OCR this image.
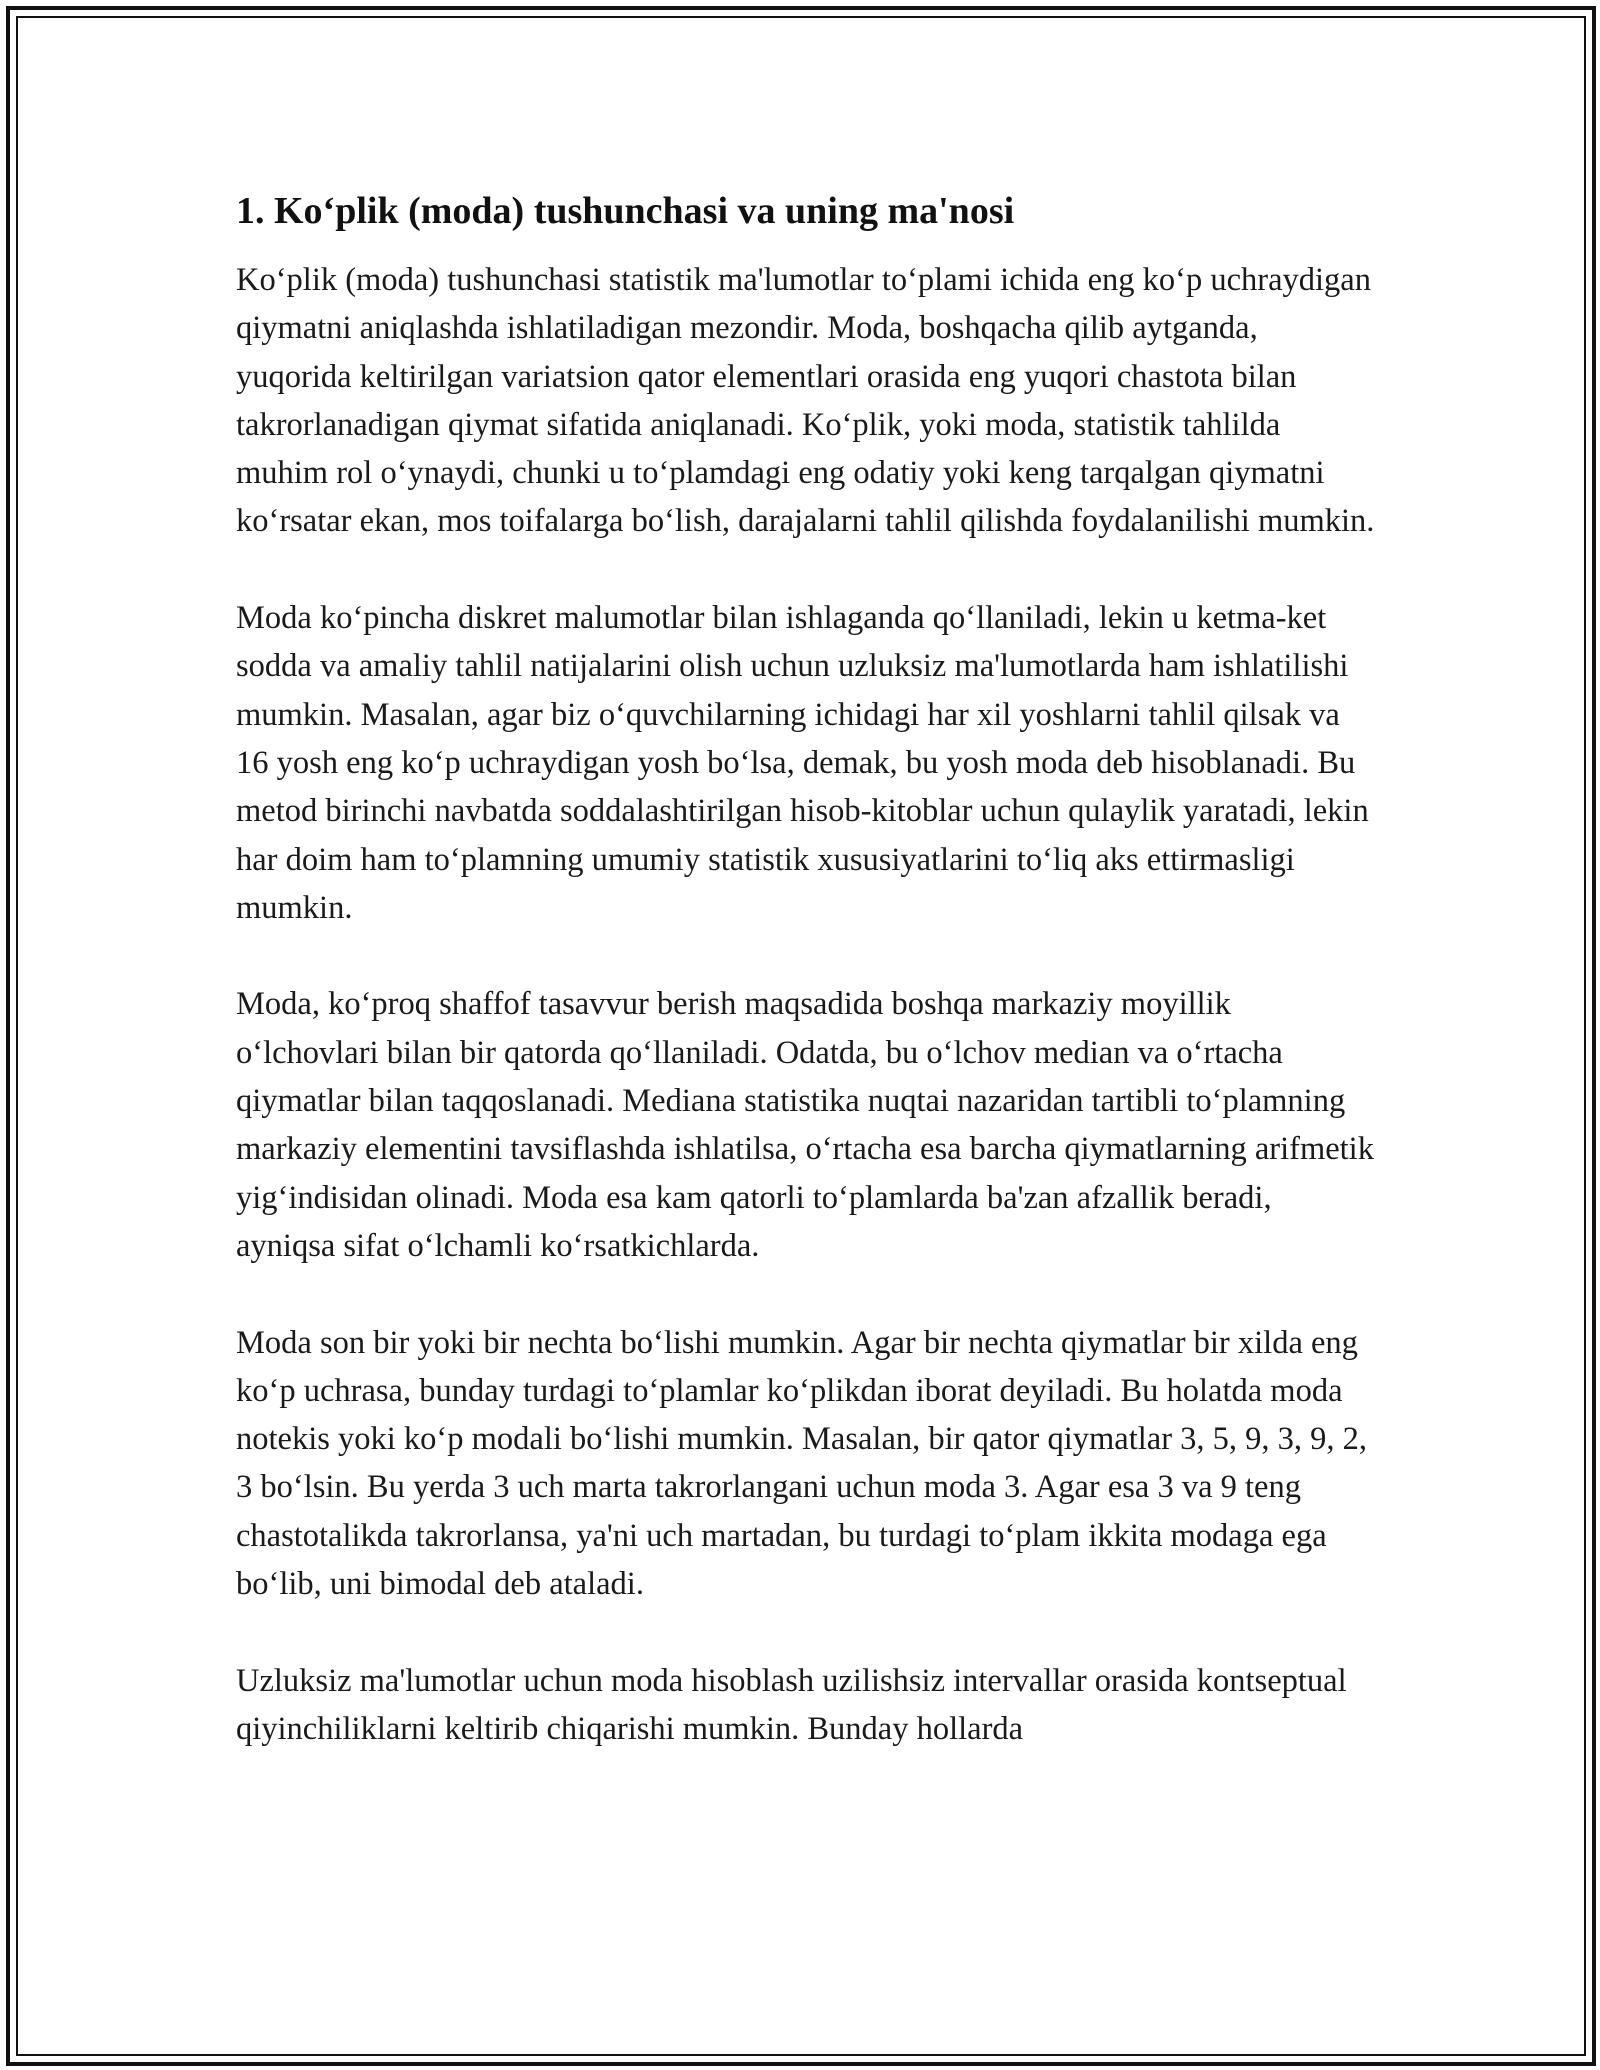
1. Ko‘plik (moda) tushunchasi va uning ma'nosi

Ko‘plik (moda) tushunchasi statistik ma'lumotlar to‘plami ichida eng ko‘p uchraydigan qiymatni aniqlashda ishlatiladigan mezondir. Moda, boshqacha qilib aytganda, yuqorida keltirilgan variatsion qator elementlari orasida eng yuqori chastota bilan takrorlanadigan qiymat sifatida aniqlanadi. Ko‘plik, yoki moda, statistik tahlilda muhim rol o‘ynaydi, chunki u to‘plamdagi eng odatiy yoki keng tarqalgan qiymatni ko‘rsatar ekan, mos toifalarga bo‘lish, darajalarni tahlil qilishda foydalanilishi mumkin.

Moda ko‘pincha diskret malumotlar bilan ishlaganda qo‘llaniladi, lekin u ketma-ket sodda va amaliy tahlil natijalarini olish uchun uzluksiz ma'lumotlarda ham ishlatilishi mumkin. Masalan, agar biz o‘quvchilarning ichidagi har xil yoshlarni tahlil qilsak va 16 yosh eng ko‘p uchraydigan yosh bo‘lsa, demak, bu yosh moda deb hisoblanadi. Bu metod birinchi navbatda soddalashtirilgan hisob-kitoblar uchun qulaylik yaratadi, lekin har doim ham to‘plamning umumiy statistik xususiyatlarini to‘liq aks ettirmasligi mumkin.

Moda, ko‘proq shaffof tasavvur berish maqsadida boshqa markaziy moyillik o‘lchovlari bilan bir qatorda qo‘llaniladi. Odatda, bu o‘lchov median va o‘rtacha qiymatlar bilan taqqoslanadi. Mediana statistika nuqtai nazaridan tartibli to‘plamning markaziy elementini tavsiflashda ishlatilsa, o‘rtacha esa barcha qiymatlarning arifmetik yig‘indisidan olinadi. Moda esa kam qatorli to‘plamlarda ba'zan afzallik beradi, ayniqsa sifat o‘lchamli ko‘rsatkichlarda.

Moda son bir yoki bir nechta bo‘lishi mumkin. Agar bir nechta qiymatlar bir xilda eng ko‘p uchrasa, bunday turdagi to‘plamlar ko‘plikdan iborat deyiladi. Bu holatda moda notekis yoki ko‘p modali bo‘lishi mumkin. Masalan, bir qator qiymatlar 3, 5, 9, 3, 9, 2, 3 bo‘lsin. Bu yerda 3 uch marta takrorlangani uchun moda 3. Agar esa 3 va 9 teng chastotalikda takrorlansa, ya'ni uch martadan, bu turdagi to‘plam ikkita modaga ega bo‘lib, uni bimodal deb ataladi.

Uzluksiz ma'lumotlar uchun moda hisoblash uzilishsiz intervallar orasida kontseptual qiyinchiliklarni keltirib chiqarishi mumkin. Bunday hollarda
